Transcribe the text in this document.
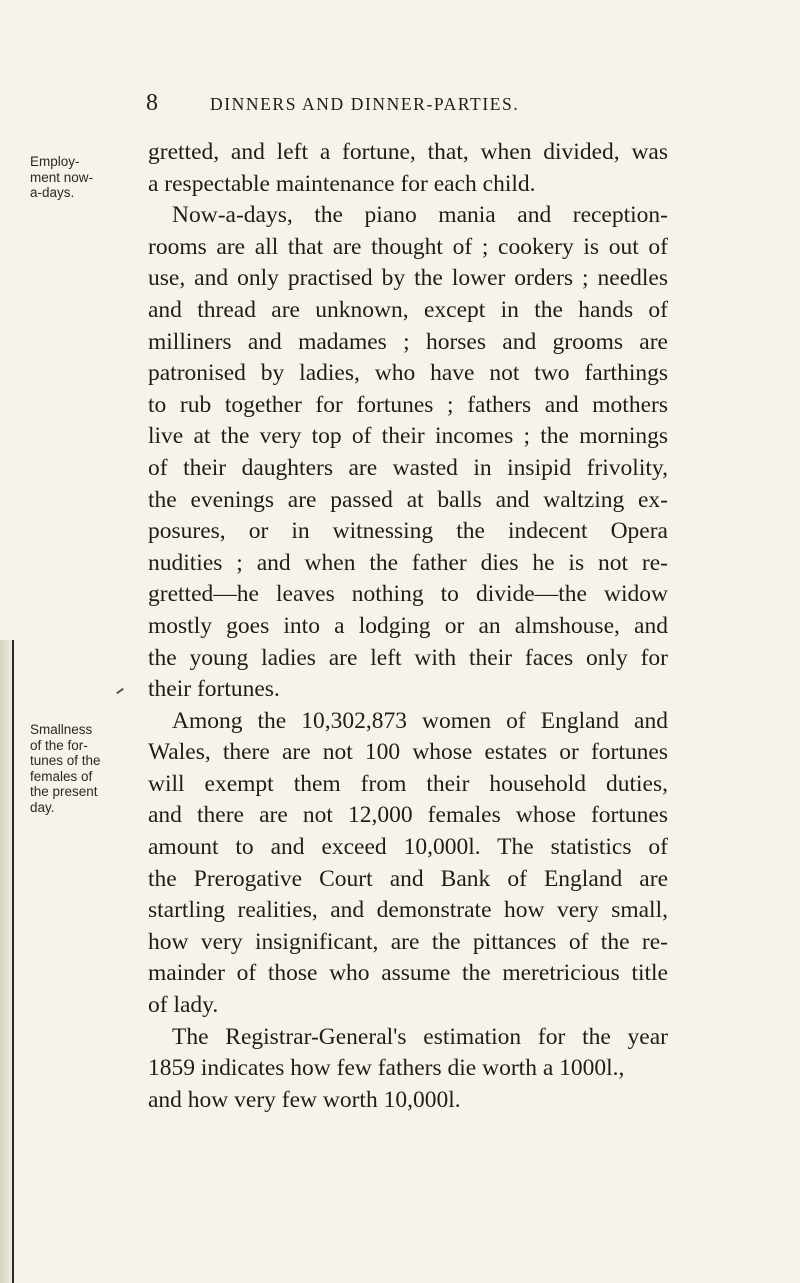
8	DINNERS AND DINNER-PARTIES.
Employ-
ment now-
a-days.
Smallness
of the for-
tunes of the
females of
the present
day.
gretted, and left a fortune, that, when divided, was
a respectable maintenance for each child.
Now-a-days, the piano mania and reception-
rooms are all that are thought of ; cookery is out of
use, and only practised by the lower orders ; needles
and thread are unknown, except in the hands of
milliners and madames ; horses and grooms are
patronised by ladies, who have not two farthings
to rub together for fortunes ; fathers and mothers
live at the very top of their incomes ; the mornings
of their daughters are wasted in insipid frivolity,
the evenings are passed at balls and waltzing ex-
posures, or in witnessing the indecent Opera
nudities ; and when the father dies he is not re-
gretted—he leaves nothing to divide—the widow
mostly goes into a lodging or an almshouse, and
the young ladies are left with their faces only for
their fortunes.
Among the 10,302,873 women of England and
Wales, there are not 100 whose estates or fortunes
will exempt them from their household duties,
and there are not 12,000 females whose fortunes
amount to and exceed 10,000l. The statistics of
the Prerogative Court and Bank of England are
startling realities, and demonstrate how very small,
how very insignificant, are the pittances of the re-
mainder of those who assume the meretricious title
of lady.
The Registrar-General's estimation for the year
1859 indicates how few fathers die worth a 1000l.,
and how very few worth 10,000l.
